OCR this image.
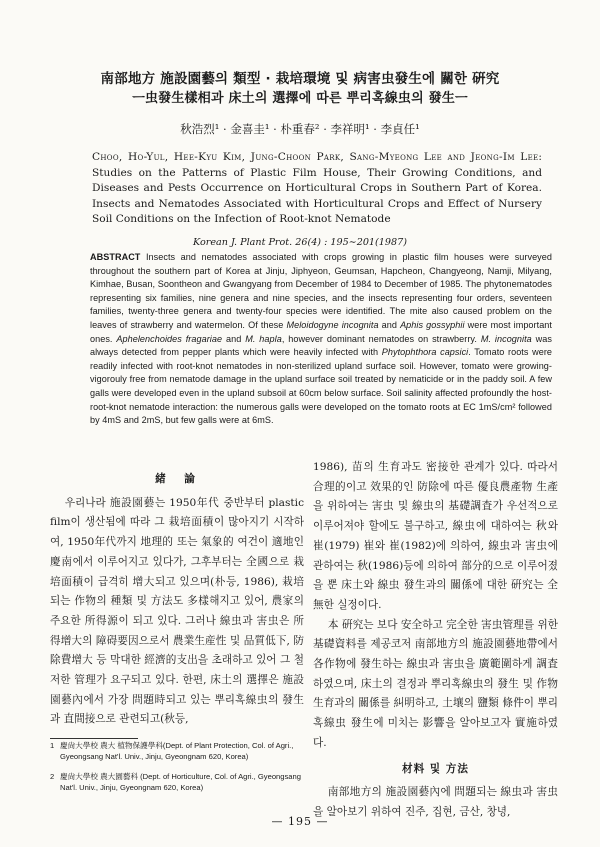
南部地方 施設園藝의 類型 · 栽培環境 및 病害虫發生에 關한 硏究
ㅡ虫發生樣相과 床土의 選擇에 따른 뿌리혹線虫의 發生ㅡ
秋浩烈¹ · 金喜圭¹ · 朴重春² · 李祥明¹ · 李貞任¹
Choo, Ho-Yul, Hee-Kyu Kim, Jung-Choon Park, Sang-Myeong Lee and Jeong-Im Lee: Studies on the Patterns of Plastic Film House, Their Growing Conditions, and Diseases and Pests Occurrence on Horticultural Crops in Southern Part of Korea. Insects and Nematodes Associated with Horticultural Crops and Effect of Nursery Soil Conditions on the Infection of Root-knot Nematode
Korean J. Plant Prot. 26(4) : 195∼201(1987)
ABSTRACT Insects and nematodes associated with crops growing in plastic film houses were surveyed throughout the southern part of Korea at Jinju, Jiphyeon, Geumsan, Hapcheon, Changyeong, Namji, Milyang, Kimhae, Busan, Soontheon and Gwangyang from December of 1984 to December of 1985. The phytonematodes representing six families, nine genera and nine species, and the insects representing four orders, seventeen families, twenty-three genera and twenty-four species were identified. The mite also caused problem on the leaves of strawberry and watermelon. Of these Meloidogyne incognita and Aphis gossyphii were most important ones. Aphelenchoides fragariae and M. hapla, however dominant nematodes on strawberry. M. incognita was always detected from pepper plants which were heavily infected with Phytophthora capsici. Tomato roots were readily infected with root-knot nematodes in non-sterilized upland surface soil. However, tomato were growing-vigorouly free from nematode damage in the upland surface soil treated by nematicide or in the paddy soil. A few galls were developed even in the upland subsoil at 60cm below surface. Soil salinity affected profoundly the host-root-knot nematode interaction: the numerous galls were developed on the tomato roots at EC 1mS/cm² followed by 4mS and 2mS, but few galls were at 6mS.
緒　論

우리나라 施設園藝는 1950年代 중반부터 plastic film이 생산됨에 따라 그 栽培面積이 많아지기 시작하여, 1950年代까지 地理的 또는 氣象的 여건이 適地인 慶南에서 이루어지고 있다가, 그후부터는 全國으로 栽培面積이 급격히 增大되고 있으며(朴등, 1986), 栽培되는 作物의 種類 및 方法도 多樣해지고 있어, 農家의 주요한 所得源이 되고 있다. 그러나 線虫과 害虫은 所得增大의 障碍要因으로서 農業生産性 및 品質低下, 防除費增大 등 막대한 經濟的支出을 초래하고 있어 그 철저한 管理가 요구되고 있다. 한편, 床土의 選擇은 施設園藝內에서 가장 問題時되고 있는 뿌리혹線虫의 發生과 直間接으로 관련되고(秋등,

1986), 苗의 生育과도 密接한 관계가 있다. 따라서 合理的이고 效果的인 防除에 따른 優良農產物 生產을 위하여는 害虫 및 線虫의 基礎調査가 우선적으로 이루어져야 할에도 불구하고, 線虫에 대하여는 秋와 崔(1979) 崔와 崔(1982)에 의하여, 線虫과 害虫에 관하여는 秋(1986)등에 의하여 部分的으로 이루어졌을 뿐 床土와 線虫 發生과의 關係에 대한 硏究는 全無한 실정이다.

本 硏究는 보다 安全하고 完全한 害虫管理를 위한 基礎資料를 제공코저 南部地方의 施設園藝地帶에서 各作物에 發生하는 線虫과 害虫을 廣範圍하게 調査하였으며, 床土의 결정과 뿌리혹線虫의 發生 및 作物生育과의 關係를 糾明하고, 土壤의 鹽類 條件이 뿌리혹線虫 發生에 미치는 影響을 알아보고자 實施하였다.

材料 및 方法

南部地方의 施設園藝內에 問題되는 線虫과 害虫을 알아보기 위하여 진주, 집현, 금산, 창녕,

1 慶尙大學校 農大 植物保護學科(Dept. of Plant Protection, Col. of Agri., Gyeongsang Nat'l. Univ., Jinju, Gyeongnam 620, Korea)
2 慶尙大學校 農大園藝科 (Dept. of Horticulture, Col. of Agri., Gyeongsang Nat'l. Univ., Jinju, Gyeongnam 620, Korea)
— 195 —
